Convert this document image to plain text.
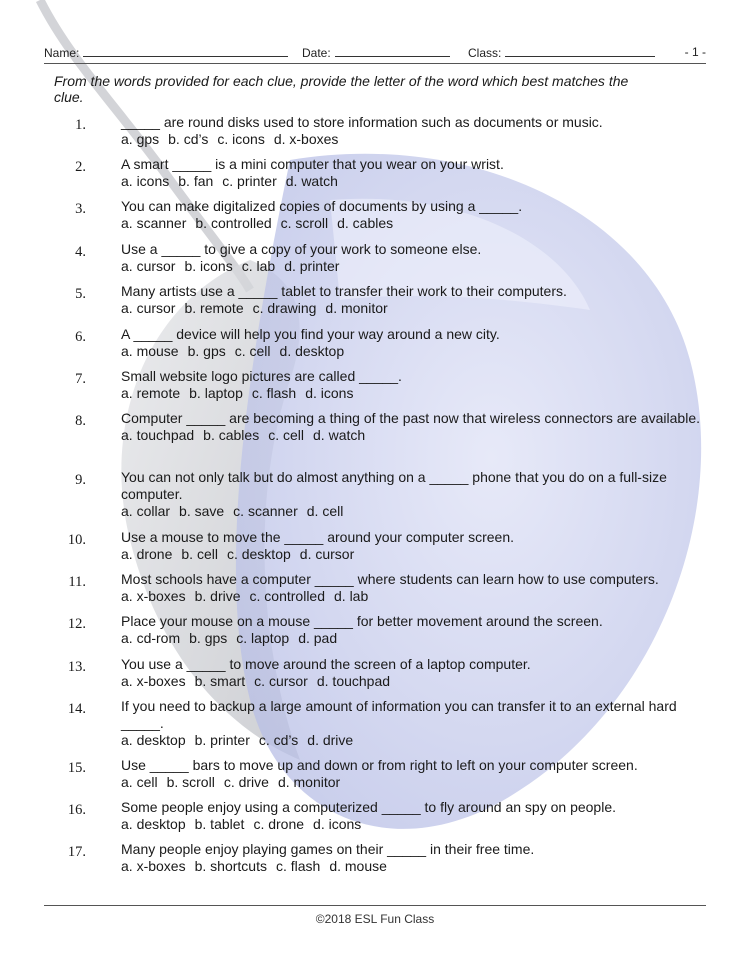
Name:	Date:	Class:	- 1 -
From the words provided for each clue, provide the letter of the word which best matches the clue.
1.	_____ are round disks used to store information such as documents or music.
a. gps b. cd’s c. icons d. x-boxes
2.	A smart _____ is a mini computer that you wear on your wrist.
a. icons b. fan c. printer d. watch
3.	You can make digitalized copies of documents by using a _____.
a. scanner b. controlled c. scroll d. cables
4.	Use a _____ to give a copy of your work to someone else.
a. cursor b. icons c. lab d. printer
5.	Many artists use a _____ tablet to transfer their work to their computers.
a. cursor b. remote c. drawing d. monitor
6.	A _____ device will help you find your way around a new city.
a. mouse b. gps c. cell d. desktop
7.	Small website logo pictures are called _____.
a. remote b. laptop c. flash d. icons
8.	Computer _____ are becoming a thing of the past now that wireless connectors are available.
a. touchpad b. cables c. cell d. watch
9.	You can not only talk but do almost anything on a _____ phone that you do on a full-size computer.
a. collar b. save c. scanner d. cell
10.	Use a mouse to move the _____ around your computer screen.
a. drone b. cell c. desktop d. cursor
11.	Most schools have a computer _____ where students can learn how to use computers.
a. x-boxes b. drive c. controlled d. lab
12.	Place your mouse on a mouse _____ for better movement around the screen.
a. cd-rom b. gps c. laptop d. pad
13.	You use a _____ to move around the screen of a laptop computer.
a. x-boxes b. smart c. cursor d. touchpad
14.	If you need to backup a large amount of information you can transfer it to an external hard _____.
a. desktop b. printer c. cd’s d. drive
15.	Use _____ bars to move up and down or from right to left on your computer screen.
a. cell b. scroll c. drive d. monitor
16.	Some people enjoy using a computerized _____ to fly around an spy on people.
a. desktop b. tablet c. drone d. icons
17.	Many people enjoy playing games on their _____ in their free time.
a. x-boxes b. shortcuts c. flash d. mouse
©2018 ESL Fun Class
